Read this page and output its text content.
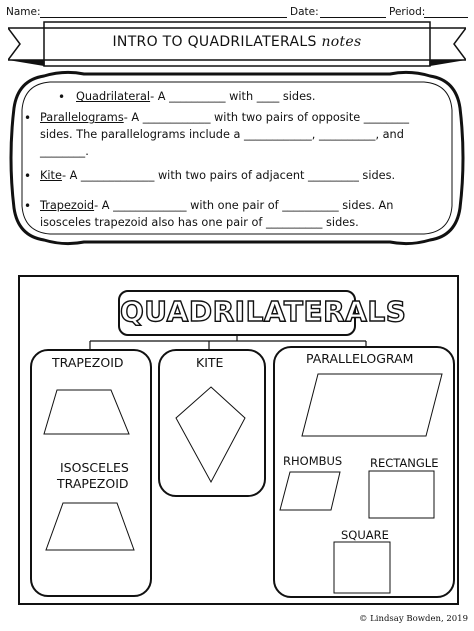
Name:	Date:	Period:
INTRO TO QUADRILATERALS notes
• Quadrilateral- A __________ with ____ sides.
• Parallelograms- A ____________ with two pairs of opposite ________
sides. The parallelograms include a ____________, __________, and
________.
• Kite- A _____________ with two pairs of adjacent _________ sides.
• Trapezoid- A _____________ with one pair of __________ sides. An
isosceles trapezoid also has one pair of __________ sides.
QUADRILATERALS
TRAPEZOID
ISOSCELES
TRAPEZOID
KITE	PARALLELOGRAM
RHOMBUS RECTANGLE
SQUARE
© Lindsay Bowden, 2019
